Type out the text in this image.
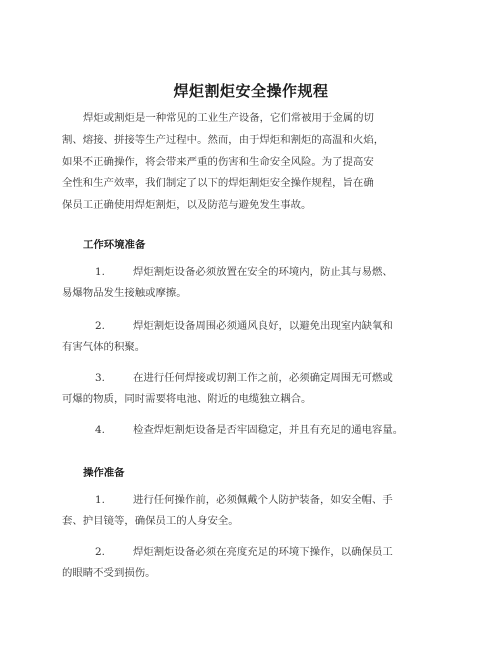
焊炬割炬安全操作规程
焊炬或割炬是一种常见的工业生产设备，它们常被用于金属的切
割、熔接、拼接等生产过程中。然而，由于焊炬和割炬的高温和火焰，
如果不正确操作，将会带来严重的伤害和生命安全风险。为了提高安
全性和生产效率，我们制定了以下的焊炬割炬安全操作规程，旨在确
保员工正确使用焊炬割炬，以及防范与避免发生事故。
工作环境准备
1.	焊炬割炬设备必须放置在安全的环境内，防止其与易燃、
易爆物品发生接触或摩擦。
2.	焊炬割炬设备周围必须通风良好，以避免出现室内缺氧和
有害气体的积聚。
3.	在进行任何焊接或切割工作之前，必须确定周围无可燃或
可爆的物质，同时需要将电池、附近的电缆独立耦合。
4.	检查焊炬割炬设备是否牢固稳定，并且有充足的通电容量。
操作准备
1.	进行任何操作前，必须佩戴个人防护装备，如安全帽、手
套、护目镜等，确保员工的人身安全。
2.	焊炬割炬设备必须在亮度充足的环境下操作，以确保员工
的眼睛不受到损伤。
